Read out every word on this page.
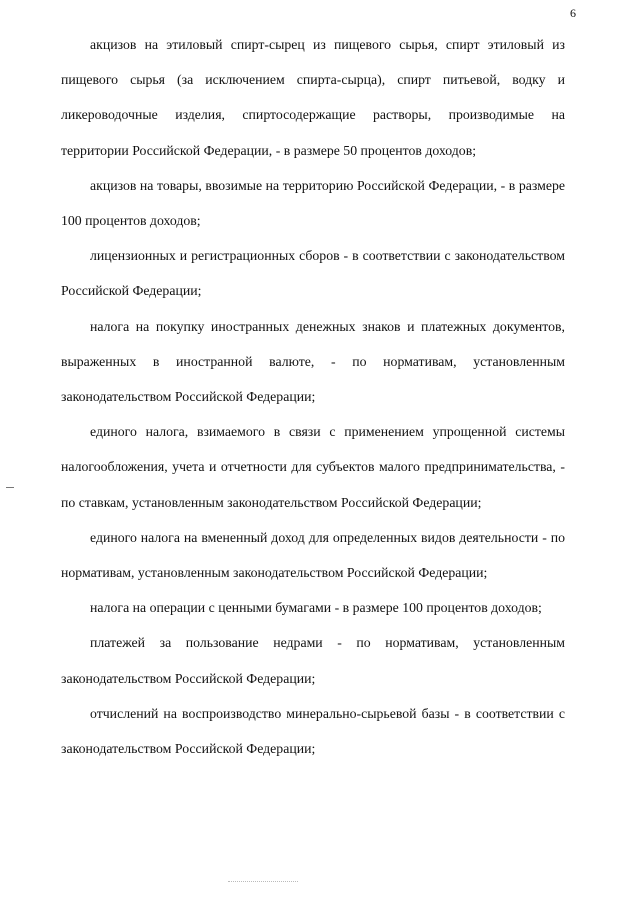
6

акцизов на этиловый спирт-сырец из пищевого сырья, спирт этиловый из пищевого сырья (за исключением спирта-сырца), спирт питьевой, водку и ликероводочные изделия, спиртосодержащие растворы, производимые на территории Российской Федерации, - в размере 50 процентов доходов;

акцизов на товары, ввозимые на территорию Российской Федерации, - в размере 100 процентов доходов;

лицензионных и регистрационных сборов - в соответствии с законодательством Российской Федерации;

налога на покупку иностранных денежных знаков и платежных документов, выраженных в иностранной валюте, - по нормативам, установленным законодательством Российской Федерации;

единого налога, взимаемого в связи с применением упрощенной системы налогообложения, учета и отчетности для субъектов малого предпринимательства, - по ставкам, установленным законодательством Российской Федерации;

единого налога на вмененный доход для определенных видов деятельности - по нормативам, установленным законодательством Российской Федерации;

налога на операции с ценными бумагами - в размере 100 процентов доходов;

платежей за пользование недрами - по нормативам, установленным законодательством Российской Федерации;

отчислений на воспроизводство минерально-сырьевой базы - в соответствии с законодательством Российской Федерации;
